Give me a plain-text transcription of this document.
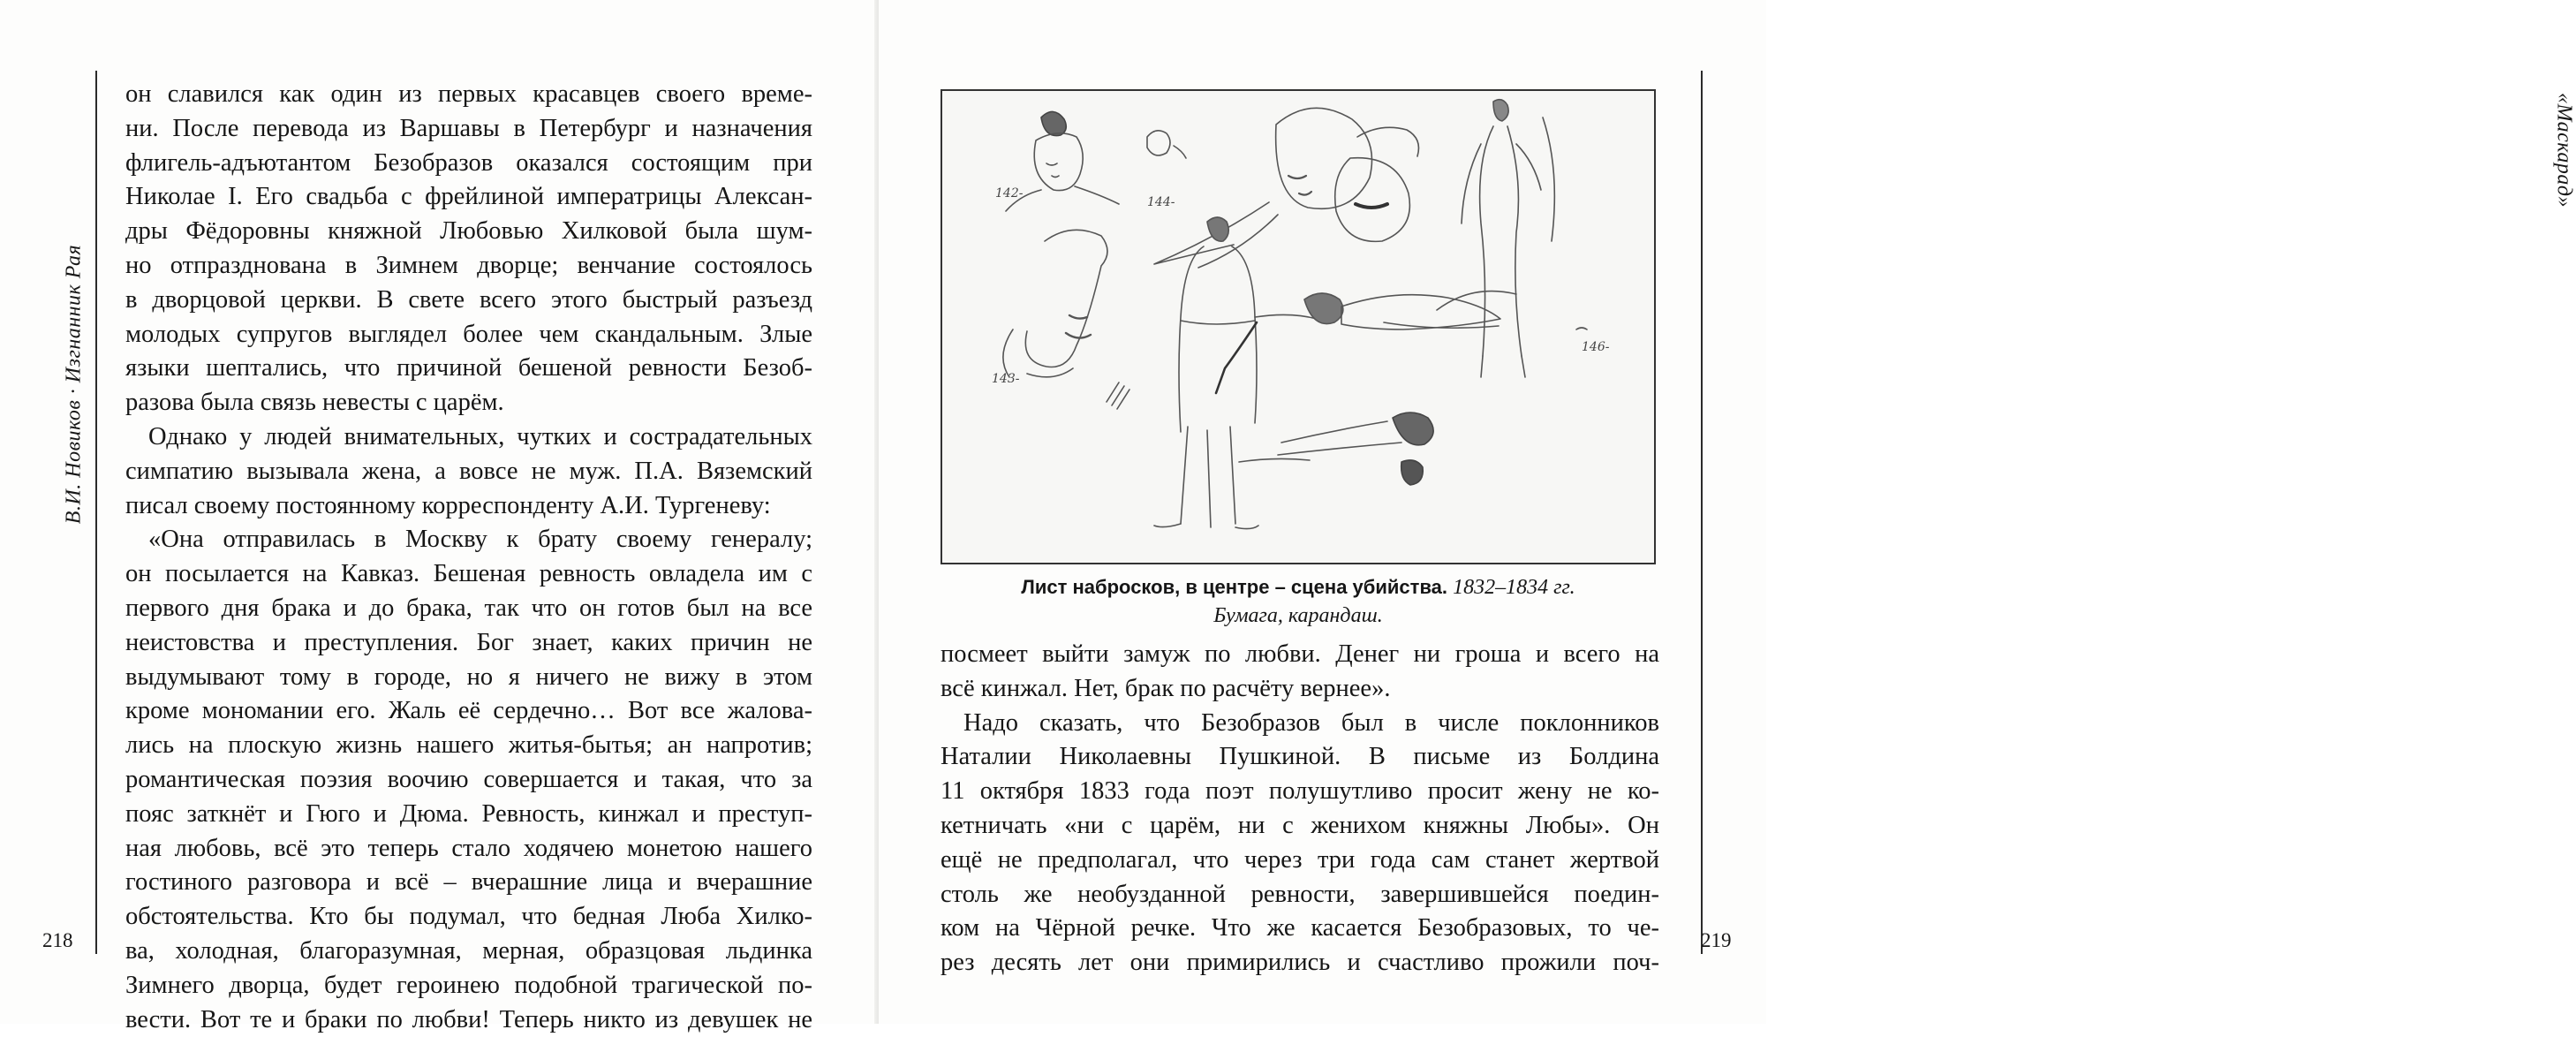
В.И. Новиков · Изгнанник Рая
218
он славился как один из первых красавцев своего време-
ни. После перевода из Варшавы в Петербург и назначения
флигель-адъютантом Безобразов оказался состоящим при
Николае I. Его свадьба с фрейлиной императрицы Алексан-
дры Фёдоровны княжной Любовью Хилковой была шум-
но отпразднована в Зимнем дворце; венчание состоялось
в дворцовой церкви. В свете всего этого быстрый разъезд
молодых супругов выглядел более чем скандальным. Злые
языки шептались, что причиной бешеной ревности Безоб-
разова была связь невесты с царём.
Однако у людей внимательных, чутких и сострадательных
симпатию вызывала жена, а вовсе не муж. П.А. Вяземский
писал своему постоянному корреспонденту А.И. Тургеневу:
«Она отправилась в Москву к брату своему генералу;
он посылается на Кавказ. Бешеная ревность овладела им с
первого дня брака и до брака, так что он готов был на все
неистовства и преступления. Бог знает, каких причин не
выдумывают тому в городе, но я ничего не вижу в этом
кроме мономании его. Жаль её сердечно… Вот все жалова-
лись на плоскую жизнь нашего житья-бытья; ан напротив;
романтическая поэзия воочию совершается и такая, что за
пояс заткнёт и Гюго и Дюма. Ревность, кинжал и преступ-
ная любовь, всё это теперь стало ходячею монетою нашего
гостиного разговора и всё – вчерашние лица и вчерашние
обстоятельства. Кто бы подумал, что бедная Люба Хилко-
ва, холодная, благоразумная, мерная, образцовая льдинка
Зимнего дворца, будет героинею подобной трагической по-
вести. Вот те и браки по любви! Теперь никто из девушек не
«Маскарад»
219
142-
144-
143-
146-
Лист набросков, в центре – сцена убийства. 1832–1834 гг.
Бумага, карандаш.
посмеет выйти замуж по любви. Денег ни гроша и всего на
всё кинжал. Нет, брак по расчёту вернее».
Надо сказать, что Безобразов был в числе поклонников
Наталии Николаевны Пушкиной. В письме из Болдина
11 октября 1833 года поэт полушутливо просит жену не ко-
кетничать «ни с царём, ни с женихом княжны Любы». Он
ещё не предполагал, что через три года сам станет жертвой
столь же необузданной ревности, завершившейся поедин-
ком на Чёрной речке. Что же касается Безобразовых, то че-
рез десять лет они примирились и счастливо прожили поч-
